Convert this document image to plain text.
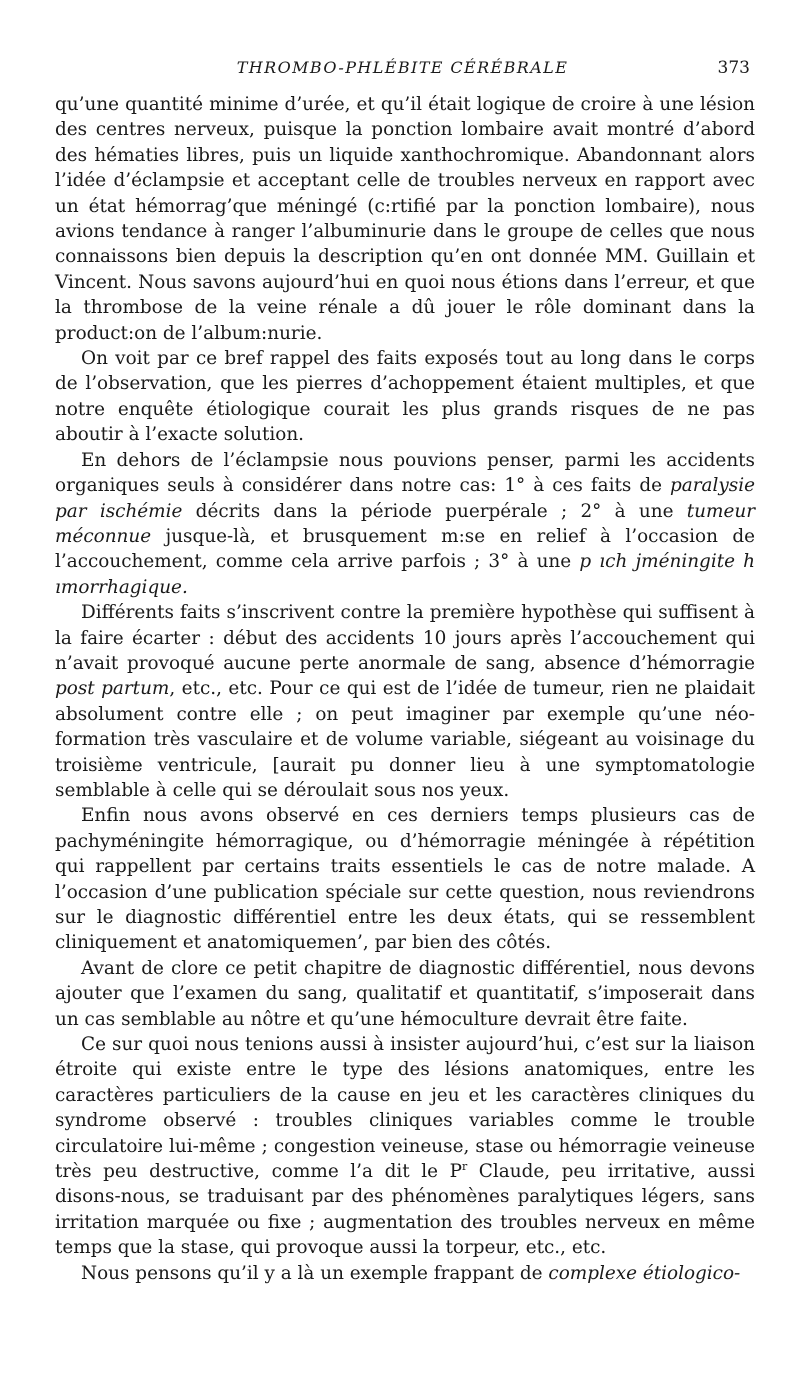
THROMBO-PHLÉBITE CÉRÉBRALE	373

qu’une quantité minime d’urée, et qu’il était logique de croire à une lésion des centres nerveux, puisque la ponction lombaire avait montré d’abord des hématies libres, puis un liquide xanthochromique. Abandonnant alors l’idée d’éclampsie et acceptant celle de troubles nerveux en rapport avec un état hémorrag’que méningé (c:rtifié par la ponction lombaire), nous avions tendance à ranger l’albuminurie dans le groupe de celles que nous connaissons bien depuis la description qu’en ont donnée MM. Guillain et Vincent. Nous savons aujourd’hui en quoi nous étions dans l’erreur, et que la thrombose de la veine rénale a dû jouer le rôle dominant dans la product:on de l’album:nurie.

On voit par ce bref rappel des faits exposés tout au long dans le corps de l’observation, que les pierres d’achoppement étaient multiples, et que notre enquête étiologique courait les plus grands risques de ne pas aboutir à l’exacte solution.

En dehors de l’éclampsie nous pouvions penser, parmi les accidents organiques seuls à considérer dans notre cas: 1° à ces faits de paralysie par ischémie décrits dans la période puerpérale ; 2° à une tumeur méconnue jusque-là, et brusquement m:se en relief à l’occasion de l’accouchement, comme cela arrive parfois ; 3° à une p ıch jméningite h ımorrhagique.

Différents faits s’inscrivent contre la première hypothèse qui suffisent à la faire écarter : début des accidents 10 jours après l’accouchement qui n’avait provoqué aucune perte anormale de sang, absence d’hémorragie post partum, etc., etc. Pour ce qui est de l’idée de tumeur, rien ne plaidait absolument contre elle ; on peut imaginer par exemple qu’une néo-formation très vasculaire et de volume variable, siégeant au voisinage du troisième ventricule, [aurait pu donner lieu à une symptomatologie semblable à celle qui se déroulait sous nos yeux.

Enfin nous avons observé en ces derniers temps plusieurs cas de pachyméningite hémorragique, ou d’hémorragie méningée à répétition qui rappellent par certains traits essentiels le cas de notre malade. A l’occasion d’une publication spéciale sur cette question, nous reviendrons sur le diagnostic différentiel entre les deux états, qui se ressemblent cliniquement et anatomiquemen’, par bien des côtés.

Avant de clore ce petit chapitre de diagnostic différentiel, nous devons ajouter que l’examen du sang, qualitatif et quantitatif, s’imposerait dans un cas semblable au nôtre et qu’une hémoculture devrait être faite.

Ce sur quoi nous tenions aussi à insister aujourd’hui, c’est sur la liaison étroite qui existe entre le type des lésions anatomiques, entre les caractères particuliers de la cause en jeu et les caractères cliniques du syndrome observé : troubles cliniques variables comme le trouble circulatoire lui-même ; congestion veineuse, stase ou hémorragie veineuse très peu destructive, comme l’a dit le $P^r$ Claude, peu irritative, aussi disons-nous, se traduisant par des phénomènes paralytiques légers, sans irritation marquée ou fixe ; augmentation des troubles nerveux en même temps que la stase, qui provoque aussi la torpeur, etc., etc.

Nous pensons qu’il y a là un exemple frappant de complexe étiologico-
